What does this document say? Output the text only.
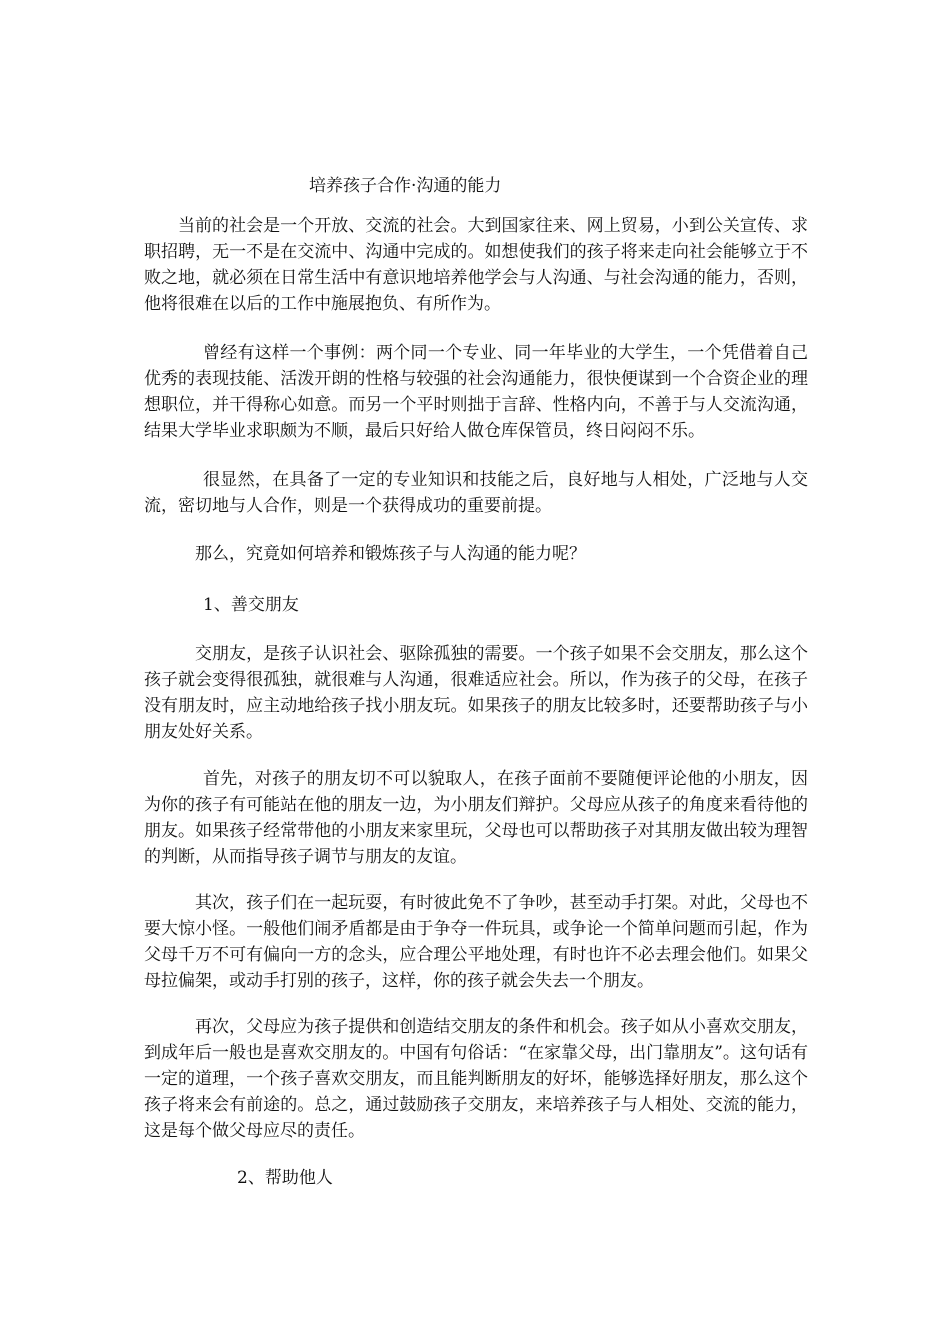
培养孩子合作·沟通的能力

当前的社会是一个开放、交流的社会。大到国家往来、网上贸易，小到公关宣传、求职招聘，无一不是在交流中、沟通中完成的。如想使我们的孩子将来走向社会能够立于不败之地，就必须在日常生活中有意识地培养他学会与人沟通、与社会沟通的能力，否则，他将很难在以后的工作中施展抱负、有所作为。

曾经有这样一个事例：两个同一个专业、同一年毕业的大学生，一个凭借着自己优秀的表现技能、活泼开朗的性格与较强的社会沟通能力，很快便谋到一个合资企业的理想职位，并干得称心如意。而另一个平时则拙于言辞、性格内向，不善于与人交流沟通，结果大学毕业求职颇为不顺，最后只好给人做仓库保管员，终日闷闷不乐。

很显然，在具备了一定的专业知识和技能之后，良好地与人相处，广泛地与人交流，密切地与人合作，则是一个获得成功的重要前提。

那么，究竟如何培养和锻炼孩子与人沟通的能力呢？

1、善交朋友

交朋友，是孩子认识社会、驱除孤独的需要。一个孩子如果不会交朋友，那么这个孩子就会变得很孤独，就很难与人沟通，很难适应社会。所以，作为孩子的父母，在孩子没有朋友时，应主动地给孩子找小朋友玩。如果孩子的朋友比较多时，还要帮助孩子与小朋友处好关系。

首先，对孩子的朋友切不可以貌取人，在孩子面前不要随便评论他的小朋友，因为你的孩子有可能站在他的朋友一边，为小朋友们辩护。父母应从孩子的角度来看待他的朋友。如果孩子经常带他的小朋友来家里玩，父母也可以帮助孩子对其朋友做出较为理智的判断，从而指导孩子调节与朋友的友谊。

其次，孩子们在一起玩耍，有时彼此免不了争吵，甚至动手打架。对此，父母也不要大惊小怪。一般他们闹矛盾都是由于争夺一件玩具，或争论一个简单问题而引起，作为父母千万不可有偏向一方的念头，应合理公平地处理，有时也许不必去理会他们。如果父母拉偏架，或动手打别的孩子，这样，你的孩子就会失去一个朋友。

再次，父母应为孩子提供和创造结交朋友的条件和机会。孩子如从小喜欢交朋友，到成年后一般也是喜欢交朋友的。中国有句俗话：“在家靠父母，出门靠朋友”。这句话有一定的道理，一个孩子喜欢交朋友，而且能判断朋友的好坏，能够选择好朋友，那么这个孩子将来会有前途的。总之，通过鼓励孩子交朋友，来培养孩子与人相处、交流的能力，这是每个做父母应尽的责任。

2、帮助他人
